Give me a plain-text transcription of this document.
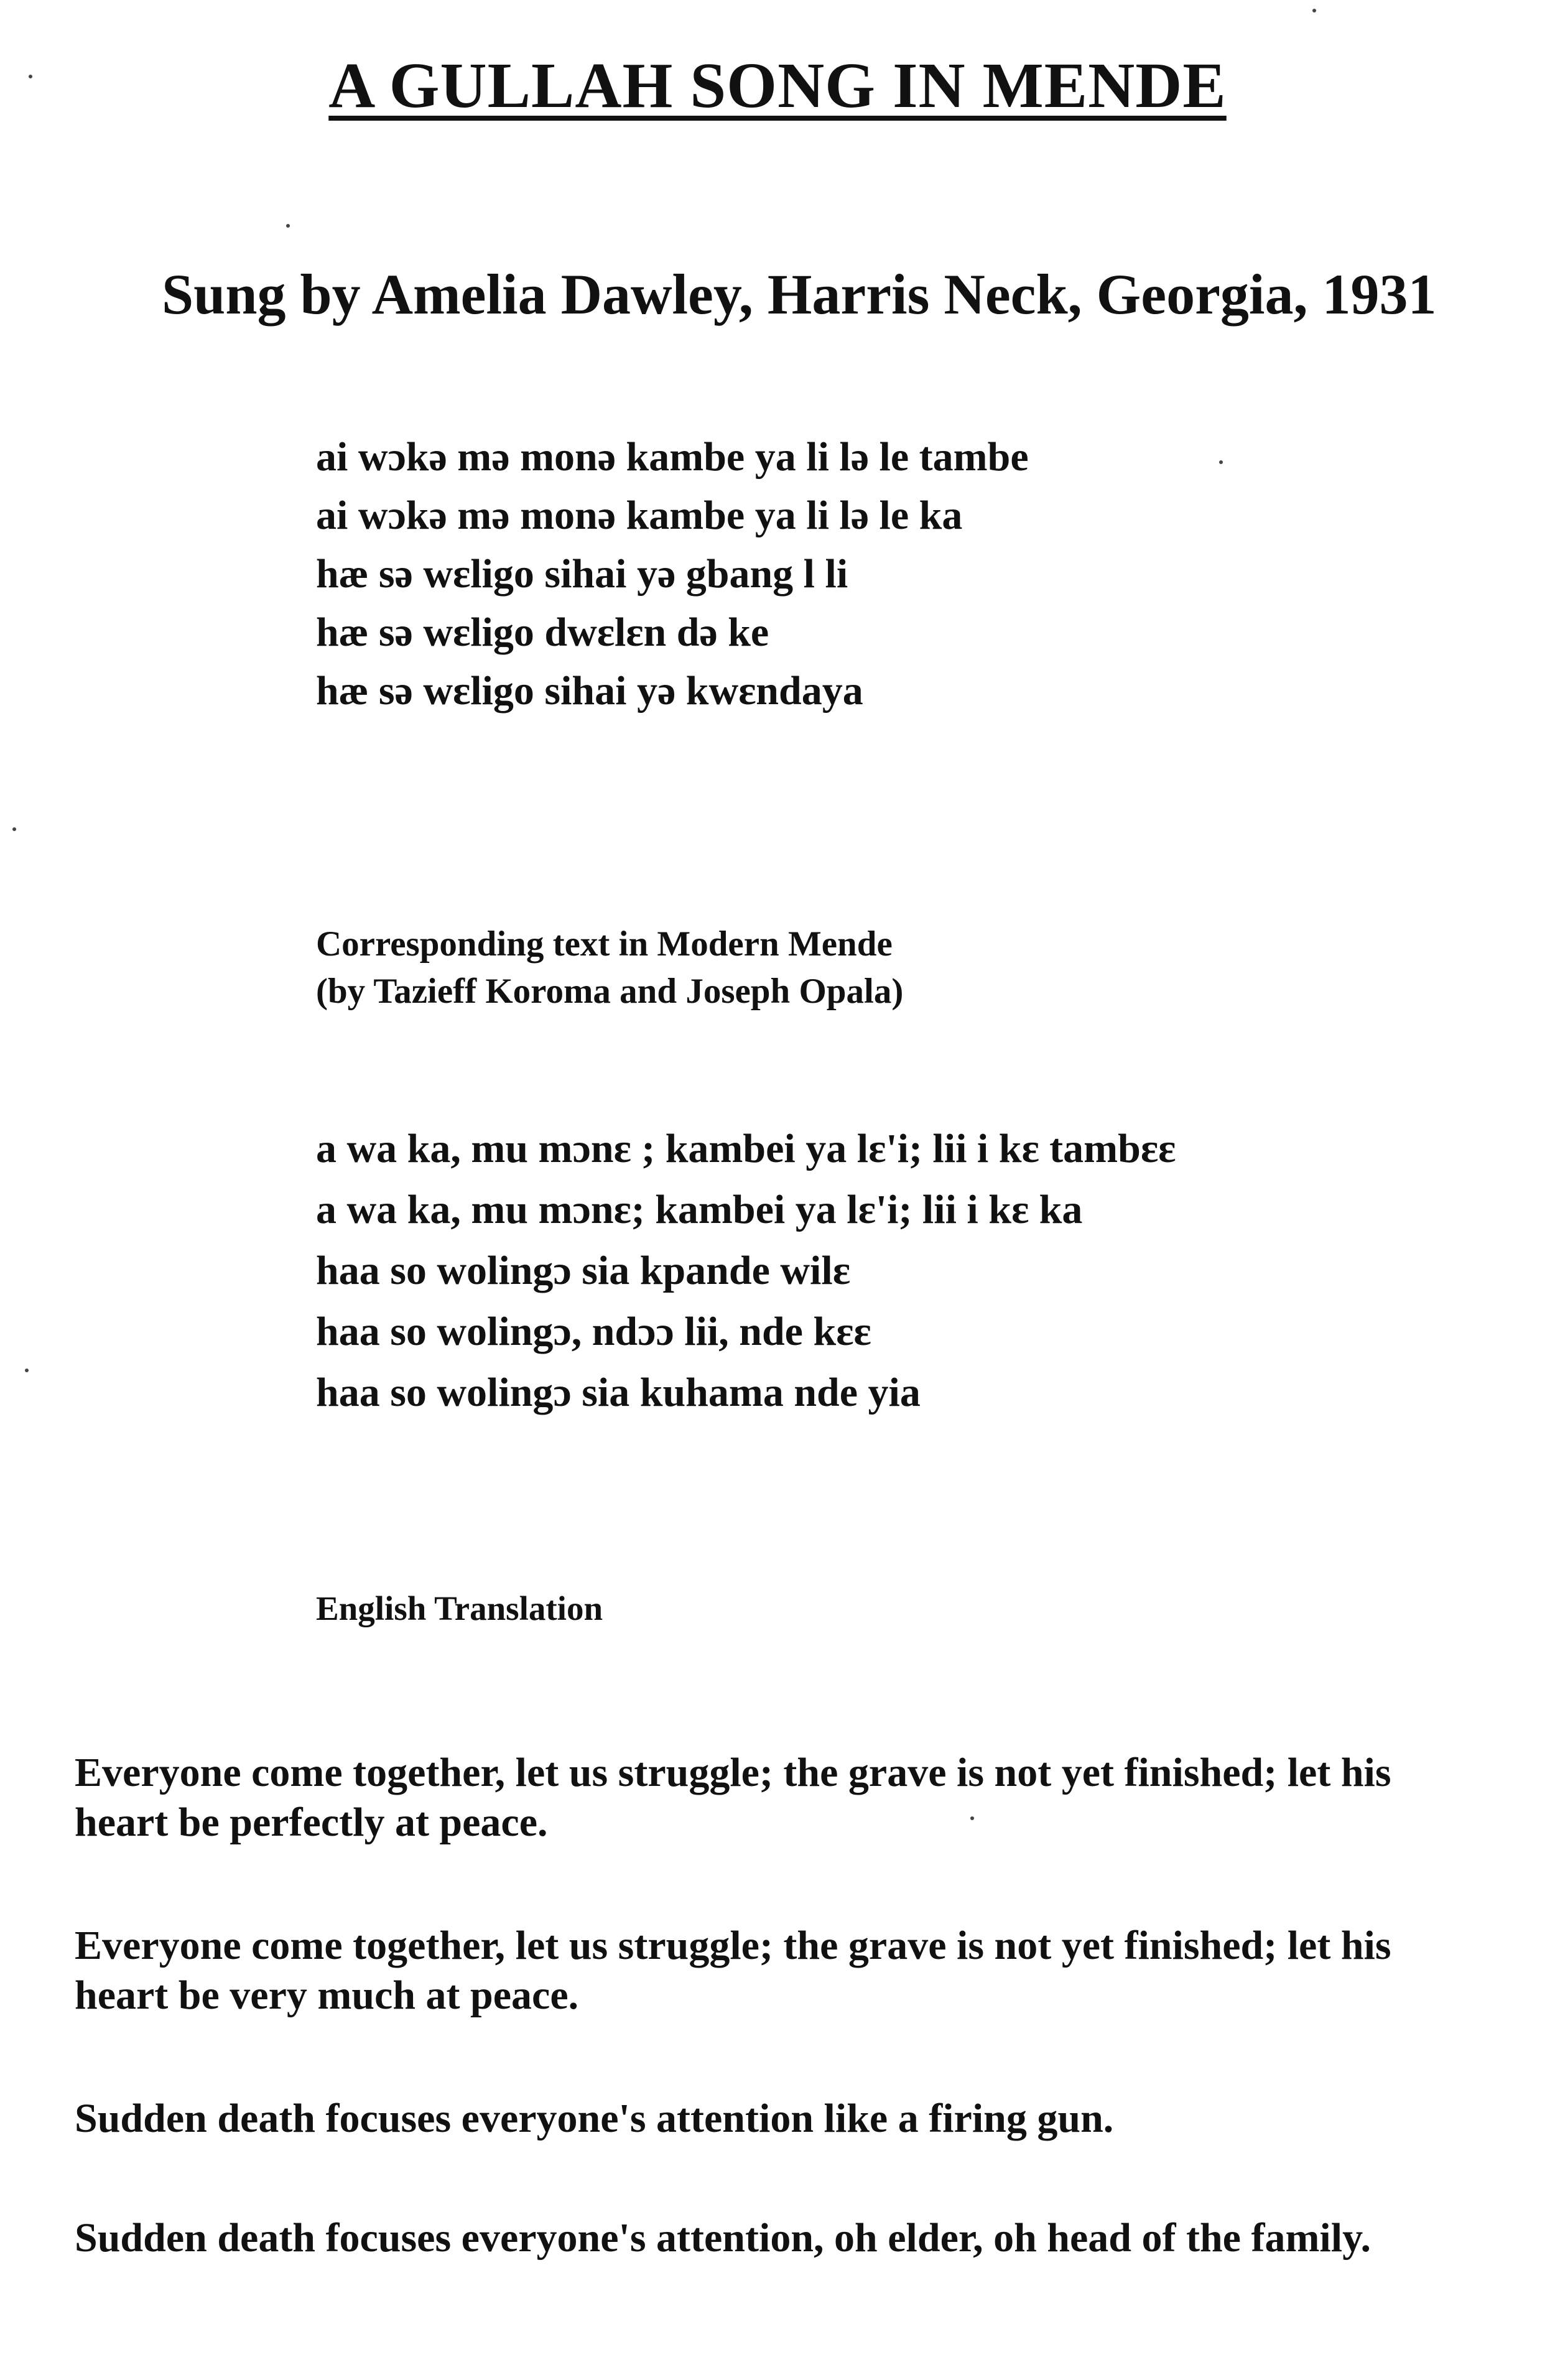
A GULLAH SONG IN MENDE
Sung by Amelia Dawley, Harris Neck, Georgia, 1931
ai wɔkə mə monə kambe ya li lə le tambe
ai wɔkə mə monə kambe ya li lə le ka
hæ sə wɛligo sihai yə gbang l li
hæ sə wɛligo dwɛlɛn də ke
hæ sə wɛligo sihai yə kwɛndaya
Corresponding text in Modern Mende
(by Tazieff Koroma and Joseph Opala)
a wa ka, mu mɔnɛ ; kambei ya lɛ'i; lii i kɛ tambɛɛ
a wa ka, mu mɔnɛ; kambei ya lɛ'i; lii i kɛ ka
haa so wolingɔ sia kpande wilɛ
haa so wolingɔ, ndɔɔ lii, nde kɛɛ
haa so wolingɔ sia kuhama nde yia
English Translation
Everyone come together, let us struggle; the grave is not yet finished; let his heart be perfectly at peace.
Everyone come together, let us struggle; the grave is not yet finished; let his heart be very much at peace.
Sudden death focuses everyone's attention like a firing gun.
Sudden death focuses everyone's attention, oh elder, oh head of the family.
